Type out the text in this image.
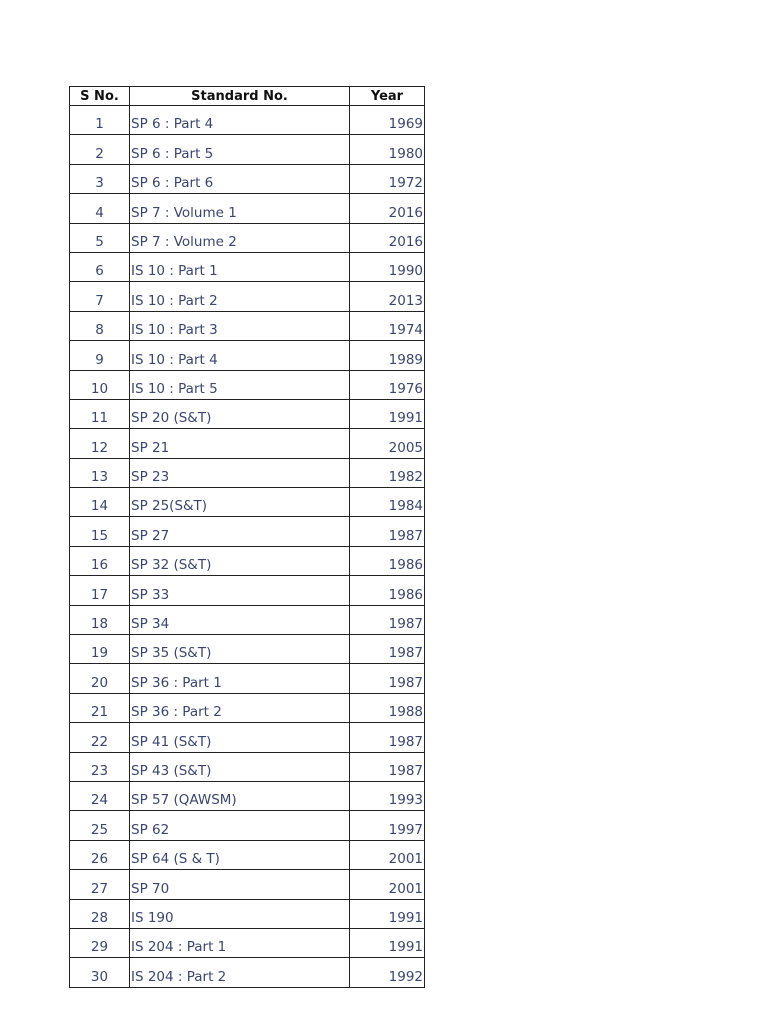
S No.	Standard No.	Year
1	SP 6 : Part 4	1969
2	SP 6 : Part 5	1980
3	SP 6 : Part 6	1972
4	SP 7 : Volume 1	2016
5	SP 7 : Volume 2	2016
6	IS 10 : Part 1	1990
7	IS 10 : Part 2	2013
8	IS 10 : Part 3	1974
9	IS 10 : Part 4	1989
10	IS 10 : Part 5	1976
11	SP 20 (S&T)	1991
12	SP 21	2005
13	SP 23	1982
14	SP 25(S&T)	1984
15	SP 27	1987
16	SP 32 (S&T)	1986
17	SP 33	1986
18	SP 34	1987
19	SP 35 (S&T)	1987
20	SP 36 : Part 1	1987
21	SP 36 : Part 2	1988
22	SP 41 (S&T)	1987
23	SP 43 (S&T)	1987
24	SP 57 (QAWSM)	1993
25	SP 62	1997
26	SP 64 (S & T)	2001
27	SP 70	2001
28	IS 190	1991
29	IS 204 : Part 1	1991
30	IS 204 : Part 2	1992
